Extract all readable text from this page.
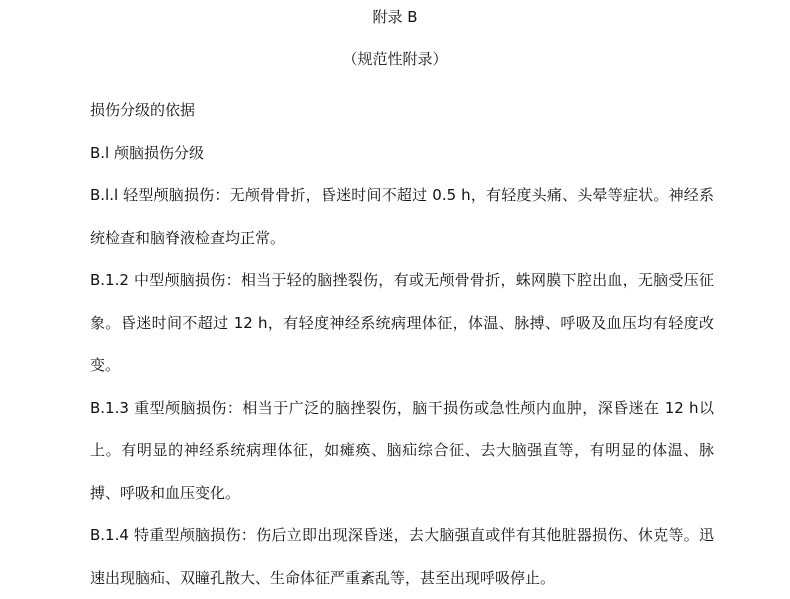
附录 B
（规范性附录）

损伤分级的依据

B.l 颅脑损伤分级

B.l.l 轻型颅脑损伤：无颅骨骨折，昏迷时间不超过 0.5 h，有轻度头痛、头晕等症状。神经系统检查和脑脊液检查均正常。

B.1.2 中型颅脑损伤：相当于轻的脑挫裂伤，有或无颅骨骨折，蛛网膜下腔出血，无脑受压征象。昏迷时间不超过 12 h，有轻度神经系统病理体征，体温、脉搏、呼吸及血压均有轻度改变。

B.1.3 重型颅脑损伤：相当于广泛的脑挫裂伤，脑干损伤或急性颅内血肿，深昏迷在 12 h以上。有明显的神经系统病理体征，如瘫痪、脑疝综合征、去大脑强直等，有明显的体温、脉搏、呼吸和血压变化。

B.1.4 特重型颅脑损伤：伤后立即出现深昏迷，去大脑强直或伴有其他脏器损伤、休克等。迅速出现脑疝、双瞳孔散大、生命体征严重紊乱等，甚至出现呼吸停止。
